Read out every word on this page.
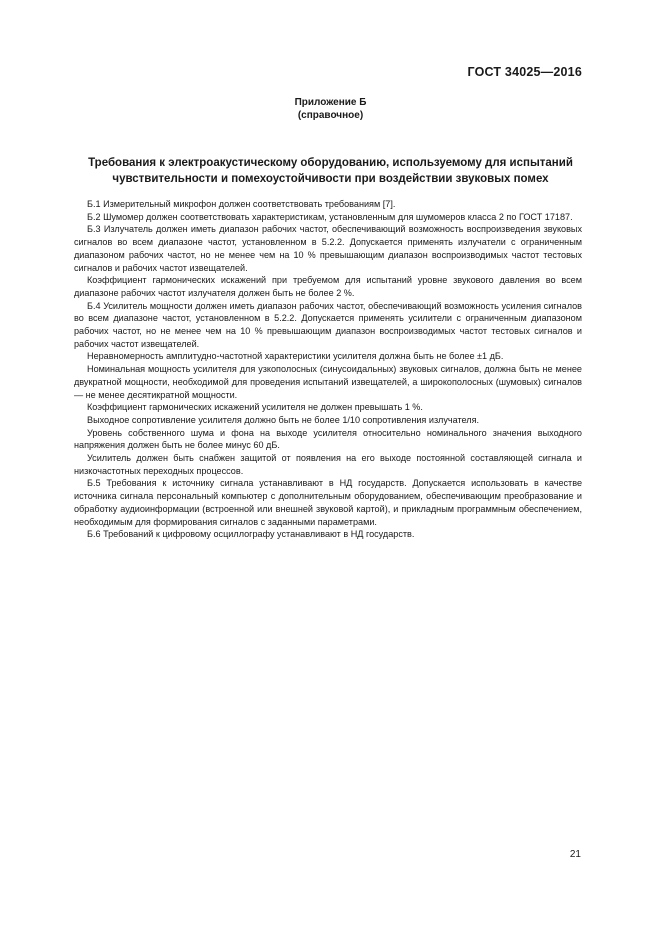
ГОСТ 34025—2016
Приложение Б
(справочное)
Требования к электроакустическому оборудованию, используемому для испытаний
чувствительности и помехоустойчивости при воздействии звуковых помех

Б.1 Измерительный микрофон должен соответствовать требованиям [7].

Б.2 Шумомер должен соответствовать характеристикам, установленным для шумомеров класса 2 по ГОСТ 17187.

Б.3 Излучатель должен иметь диапазон рабочих частот, обеспечивающий возможность воспроизведения звуковых сигналов во всем диапазоне частот, установленном в 5.2.2. Допускается применять излучатели с ограниченным диапазоном рабочих частот, но не менее чем на 10 % превышающим диапазон воспроизводимых частот тестовых сигналов и рабочих частот извещателей.

Коэффициент гармонических искажений при требуемом для испытаний уровне звукового давления во всем диапазоне рабочих частот излучателя должен быть не более 2 %.

Б.4 Усилитель мощности должен иметь диапазон рабочих частот, обеспечивающий возможность усиления сигналов во всем диапазоне частот, установленном в 5.2.2. Допускается применять усилители с ограниченным диапазоном рабочих частот, но не менее чем на 10 % превышающим диапазон воспроизводимых частот тестовых сигналов и рабочих частот извещателей.

Неравномерность амплитудно-частотной характеристики усилителя должна быть не более ±1 дБ.

Номинальная мощность усилителя для узкополосных (синусоидальных) звуковых сигналов, должна быть не менее двукратной мощности, необходимой для проведения испытаний извещателей, а широкополосных (шумовых) сигналов — не менее десятикратной мощности.

Коэффициент гармонических искажений усилителя не должен превышать 1 %.

Выходное сопротивление усилителя должно быть не более 1/10 сопротивления излучателя.

Уровень собственного шума и фона на выходе усилителя относительно номинального значения выходного напряжения должен быть не более минус 60 дБ.

Усилитель должен быть снабжен защитой от появления на его выходе постоянной составляющей сигнала и низкочастотных переходных процессов.

Б.5 Требования к источнику сигнала устанавливают в НД государств. Допускается использовать в качестве источника сигнала персональный компьютер с дополнительным оборудованием, обеспечивающим преобразование и обработку аудиоинформации (встроенной или внешней звуковой картой), и прикладным программным обеспечением, необходимым для формирования сигналов с заданными параметрами.

Б.6 Требований к цифровому осциллографу устанавливают в НД государств.

21
